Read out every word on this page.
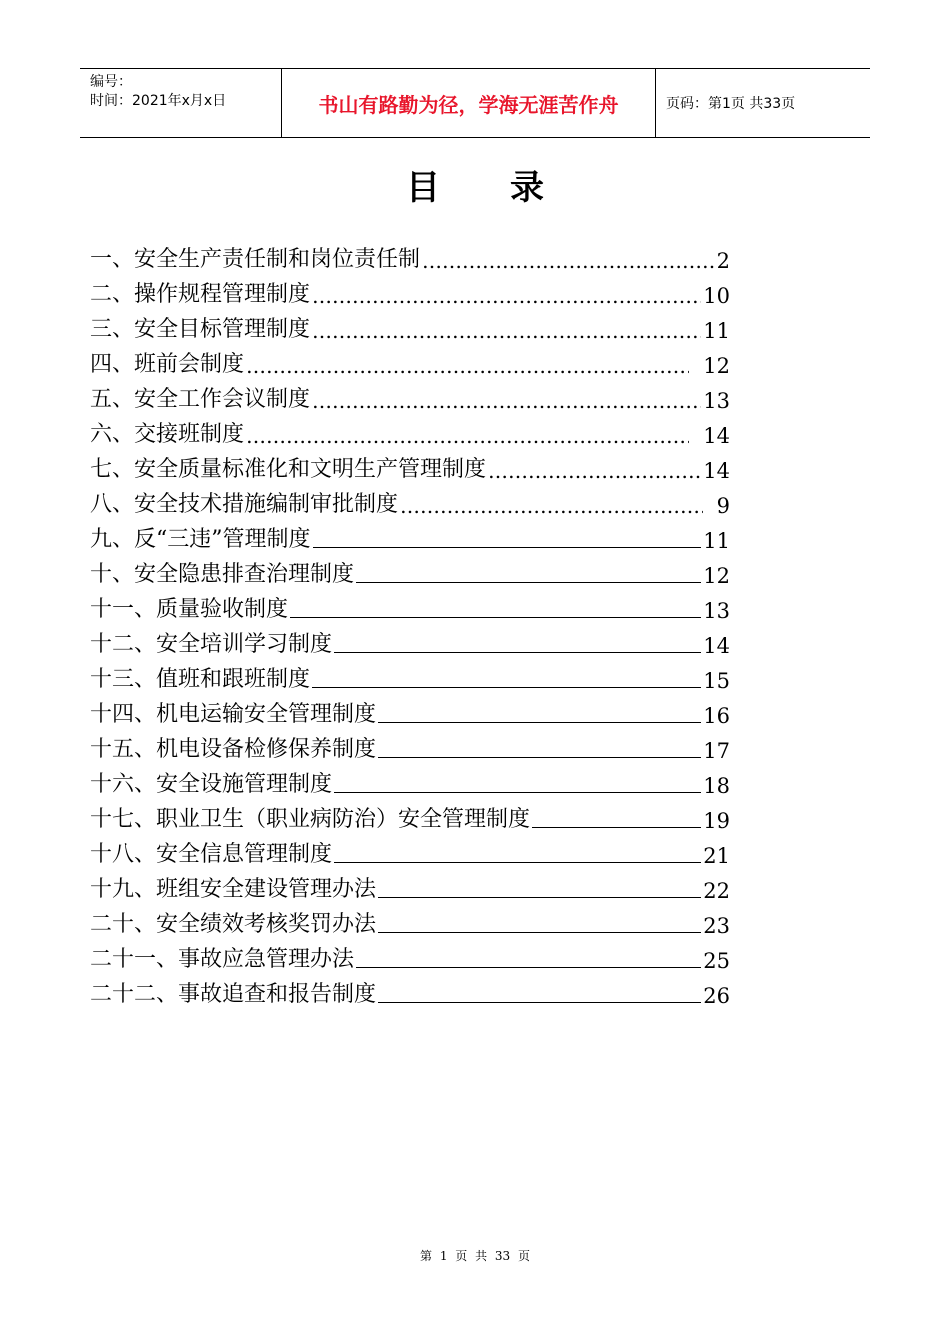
编号：
时间：2021年x月x日	书山有路勤为径，学海无涯苦作舟	页码：第1页 共33页
目录
一、安全生产责任制和岗位责任制 …………………………………………………………………………………………	2
二、操作规程管理制度 …………………………………………………………………………………………	10
三、安全目标管理制度 …………………………………………………………………………………………	11
四、班前会制度 …………………………………………………………………………………………	12
五、安全工作会议制度 …………………………………………………………………………………………	13
六、交接班制度 …………………………………………………………………………………………	14
七、安全质量标准化和文明生产管理制度 …………………………………………………………………………………………	14
八、安全技术措施编制审批制度 …………………………………………………………………………………………	9
九、反“三违”管理制度	11
十、安全隐患排查治理制度	12
十一、质量验收制度	13
十二、安全培训学习制度	14
十三、值班和跟班制度	15
十四、机电运输安全管理制度	16
十五、机电设备检修保养制度	17
十六、安全设施管理制度	18
十七、职业卫生（职业病防治）安全管理制度	19
十八、安全信息管理制度	21
十九、班组安全建设管理办法	22
二十、安全绩效考核奖罚办法	23
二十一、事故应急管理办法	25
二十二、事故追查和报告制度	26
第 1 页 共 33 页
